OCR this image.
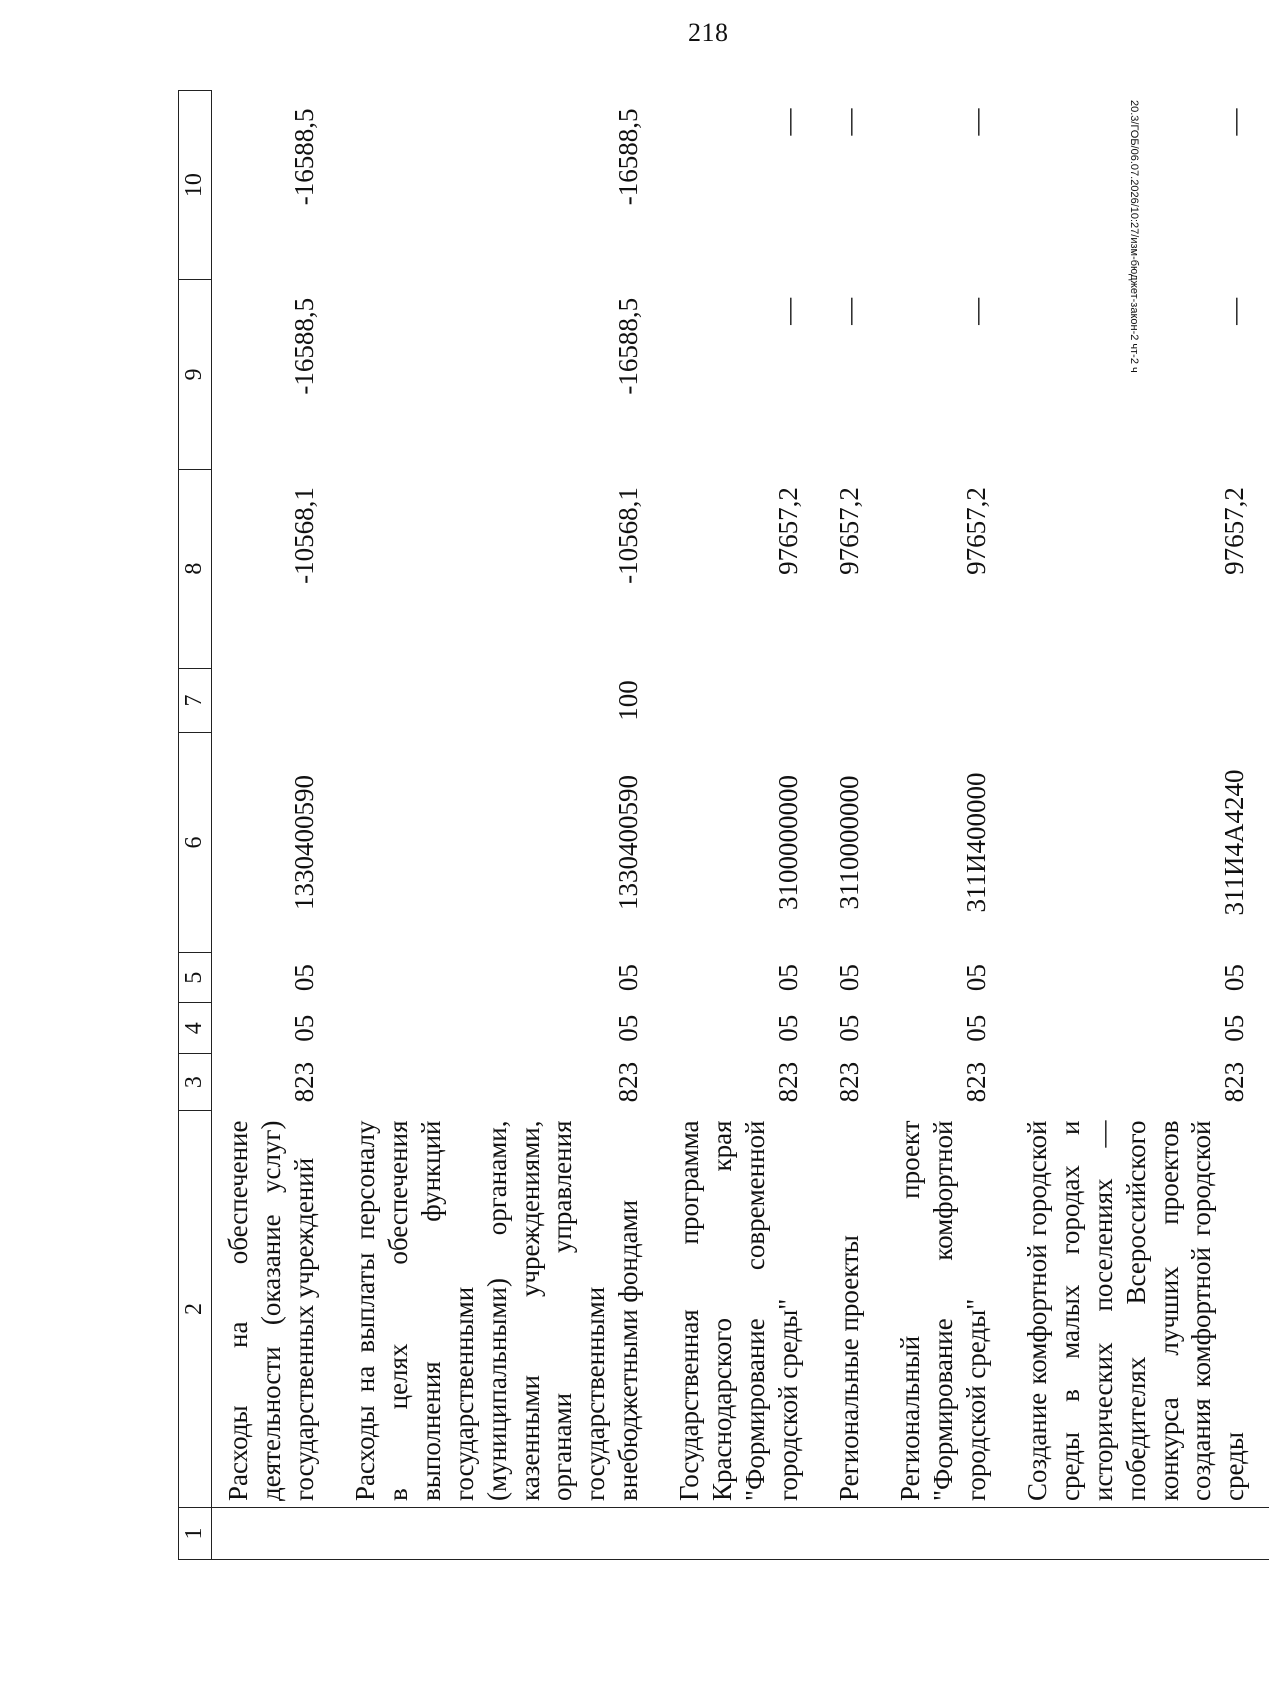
218
20.3/ГОБ/06.07.2026/10:27/изм-бюджет-закон-2 чт-2 ч
1	2	3	4	5	6	7	8	9	10
	Расходы на обеспечение деятельности (оказание услуг) государственных учреждений	823	05	05	1330400590		-10568,1	-16588,5	-16588,5
	Расходы на выплаты персоналу в целях обеспечения выполнения функций государственными (муниципальными) органами, казенными учреждениями, органами управления государственными внебюджетными фондами	823	05	05	1330400590	100	-10568,1	-16588,5	-16588,5
	Государственная программа Краснодарского края "Формирование современной городской среды"	823	05	05	3100000000		97657,2	—	—
	Региональные проекты	823	05	05	3110000000		97657,2	—	—
	Региональный проект "Формирование комфортной городской среды"	823	05	05	311И400000		97657,2	—	—
	Создание комфортной городской среды в малых городах и исторических поселениях — победителях Всероссийского конкурса лучших проектов создания комфортной городской среды	823	05	05	311И4А4240		97657,2	—	—
